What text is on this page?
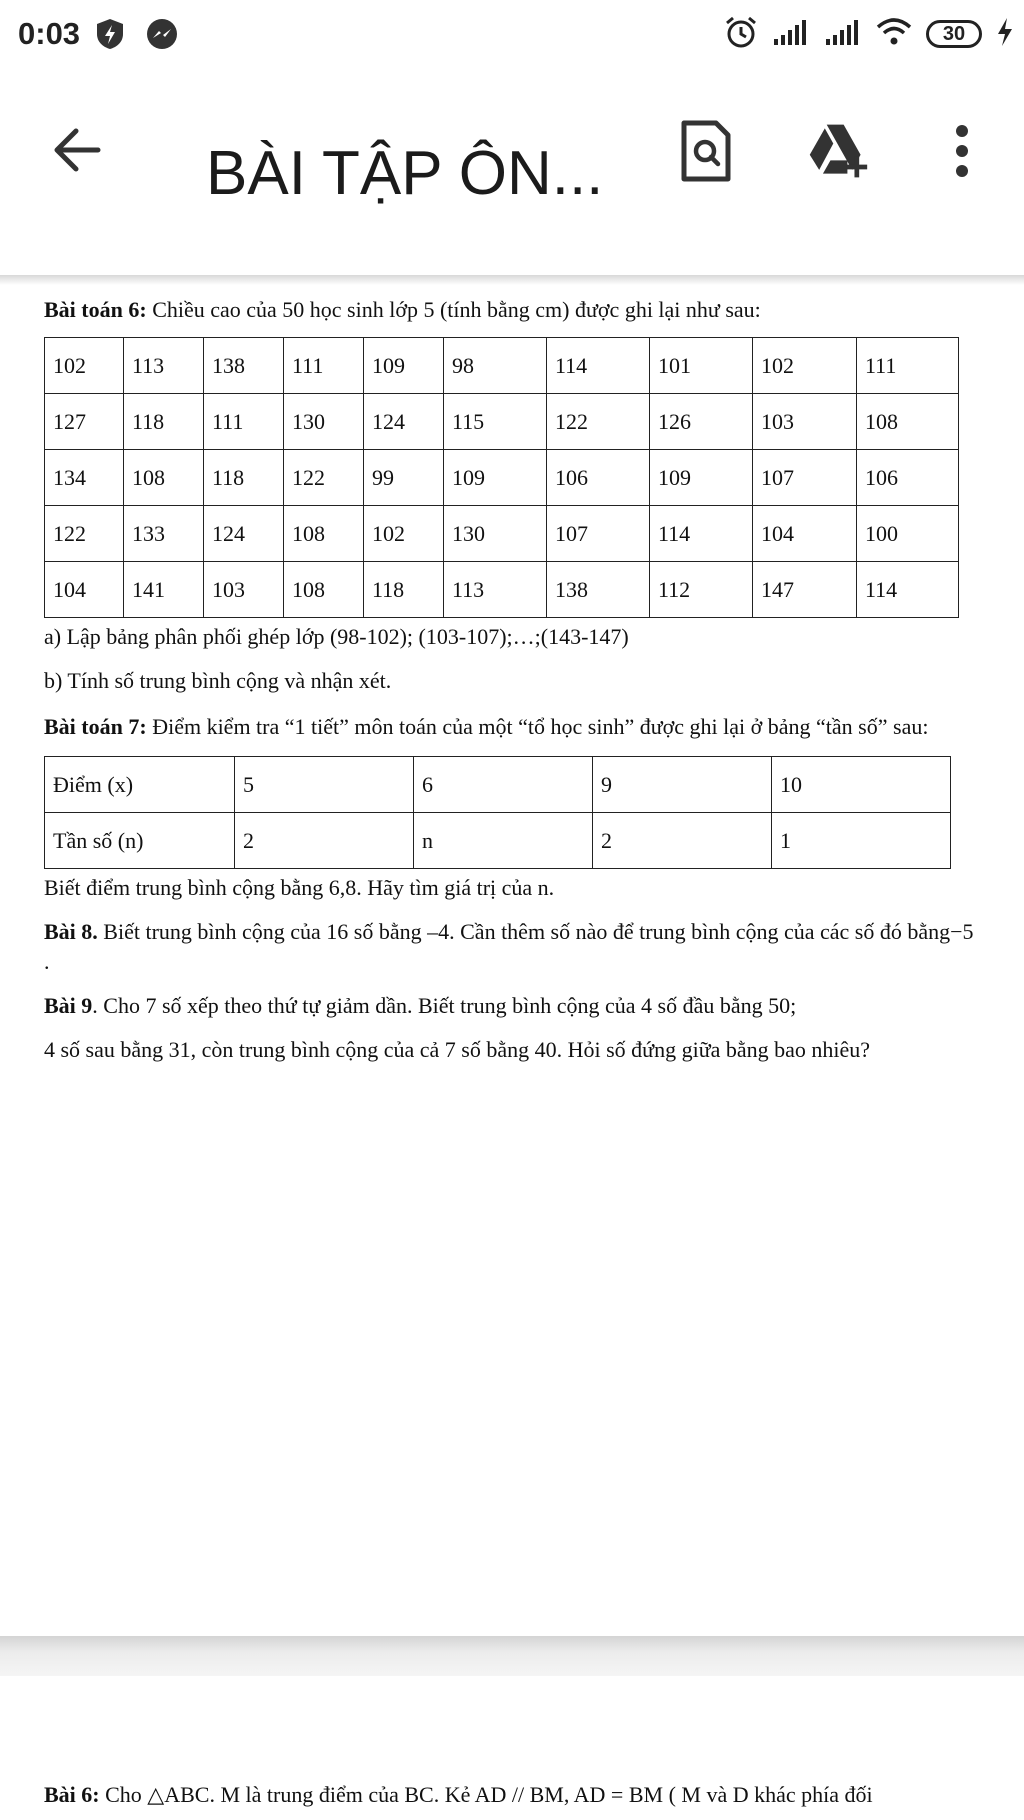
0:03	30
BÀI TẬP ÔN...

Bài toán 6: Chiều cao của 50 học sinh lớp 5 (tính bằng cm) được ghi lại như sau:

102	113	138	111	109	98	114	101	102	111
127	118	111	130	124	115	122	126	103	108
134	108	118	122	99	109	106	109	107	106
122	133	124	108	102	130	107	114	104	100
104	141	103	108	118	113	138	112	147	114

a) Lập bảng phân phối ghép lớp (98-102); (103-107);…;(143-147)

b) Tính số trung bình cộng và nhận xét.

Bài toán 7: Điểm kiểm tra “1 tiết” môn toán của một “tổ học sinh” được ghi lại ở bảng “tần số” sau:

Điểm (x)	5	6	9	10
Tần số (n)	2	n	2	1

Biết điểm trung bình cộng bằng 6,8. Hãy tìm giá trị của n.

Bài 8. Biết trung bình cộng của 16 số bằng –4. Cần thêm số nào để trung bình cộng của các số đó bằng−5 .

Bài 9. Cho 7 số xếp theo thứ tự giảm dần. Biết trung bình cộng của 4 số đầu bằng 50;

4 số sau bằng 31, còn trung bình cộng của cả 7 số bằng 40. Hỏi số đứng giữa bằng bao nhiêu?

Bài 6: Cho △ABC. M là trung điểm của BC. Kẻ AD // BM, AD = BM ( M và D khác phía đối
